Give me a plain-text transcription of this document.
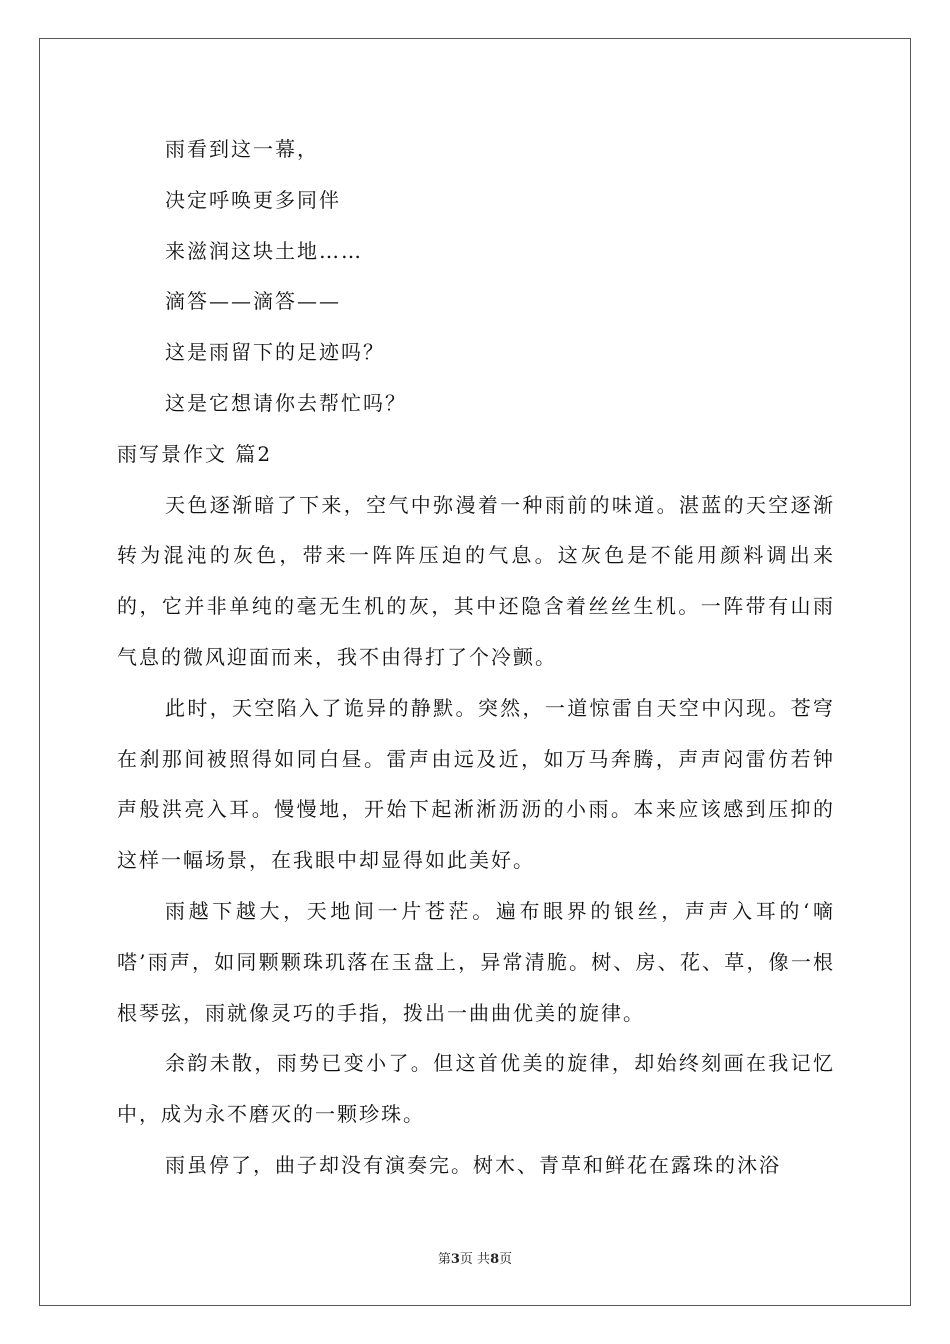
雨看到这一幕，
决定呼唤更多同伴
来滋润这块土地……
滴答——滴答——
这是雨留下的足迹吗？
这是它想请你去帮忙吗？
雨写景作文 篇2

天色逐渐暗了下来，空气中弥漫着一种雨前的味道。湛蓝的天空逐渐转为混沌的灰色，带来一阵阵压迫的气息。这灰色是不能用颜料调出来的，它并非单纯的毫无生机的灰，其中还隐含着丝丝生机。一阵带有山雨气息的微风迎面而来，我不由得打了个冷颤。

此时，天空陷入了诡异的静默。突然，一道惊雷自天空中闪现。苍穹在刹那间被照得如同白昼。雷声由远及近，如万马奔腾，声声闷雷仿若钟声般洪亮入耳。慢慢地，开始下起淅淅沥沥的小雨。本来应该感到压抑的这样一幅场景，在我眼中却显得如此美好。

雨越下越大，天地间一片苍茫。遍布眼界的银丝，声声入耳的‘嘀嗒’雨声，如同颗颗珠玑落在玉盘上，异常清脆。树、房、花、草，像一根根琴弦，雨就像灵巧的手指，拨出一曲曲优美的旋律。

余韵未散，雨势已变小了。但这首优美的旋律，却始终刻画在我记忆中，成为永不磨灭的一颗珍珠。

雨虽停了，曲子却没有演奏完。树木、青草和鲜花在露珠的沐浴

第3页 共8页
